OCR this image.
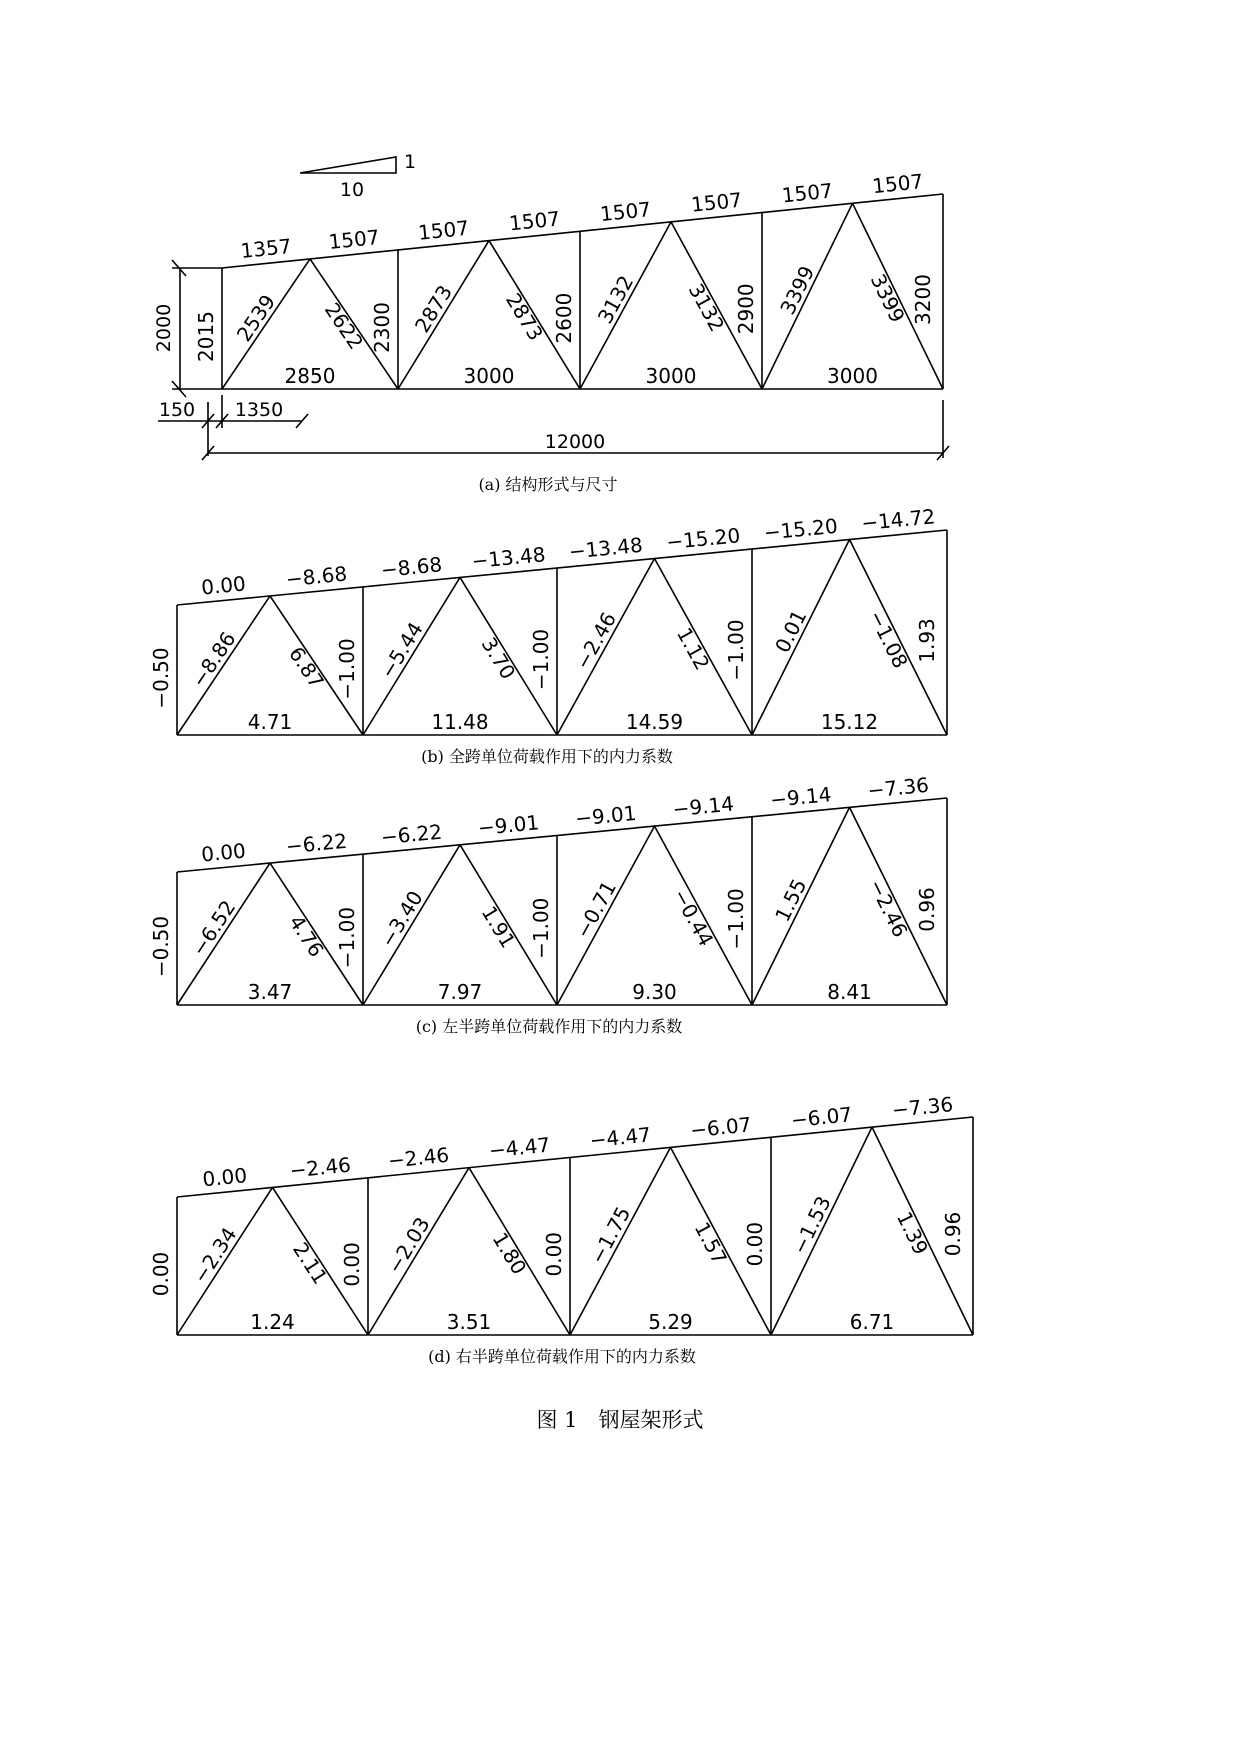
1357 1507 1507 1507 1507 1507 1507 1507
2850	3000	3000	3000
2015	2300	2600	2900	3200
2539 2622 2873 2873 3132 3132 3399 3399
(a) 结构形式与尺寸
1
10
2000
150 1350
12000
0.00 −8.68 −8.68 −13.48 −13.48 −15.20 −15.20 −14.72
4.71	11.48	14.59	15.12
−0.50	−1.00	−1.00	−1.00	1.93
−8.86 6.87 −5.44 3.70	−2.46	1.12	0.01	−1.08
(b) 全跨单位荷载作用下的内力系数
0.00 −6.22 −6.22 −9.01 −9.01 −9.14 −9.14 −7.36
3.47	7.97	9.30	8.41
−0.50	−1.00	−1.00	−1.00	0.96
−6.52 4.76 −3.40 1.91	−0.71 −0.44	1.55	−2.46
(c) 左半跨单位荷载作用下的内力系数
0.00 −2.46 −2.46 −4.47 −4.47 −6.07 −6.07 −7.36
1.24	3.51	5.29	6.71
0.00	0.00	0.00	0.00	0.96
−2.34 2.11 −2.03	1.80	−1.75	1.57	−1.53	1.39
(d) 右半跨单位荷载作用下的内力系数
图 1　钢屋架形式
